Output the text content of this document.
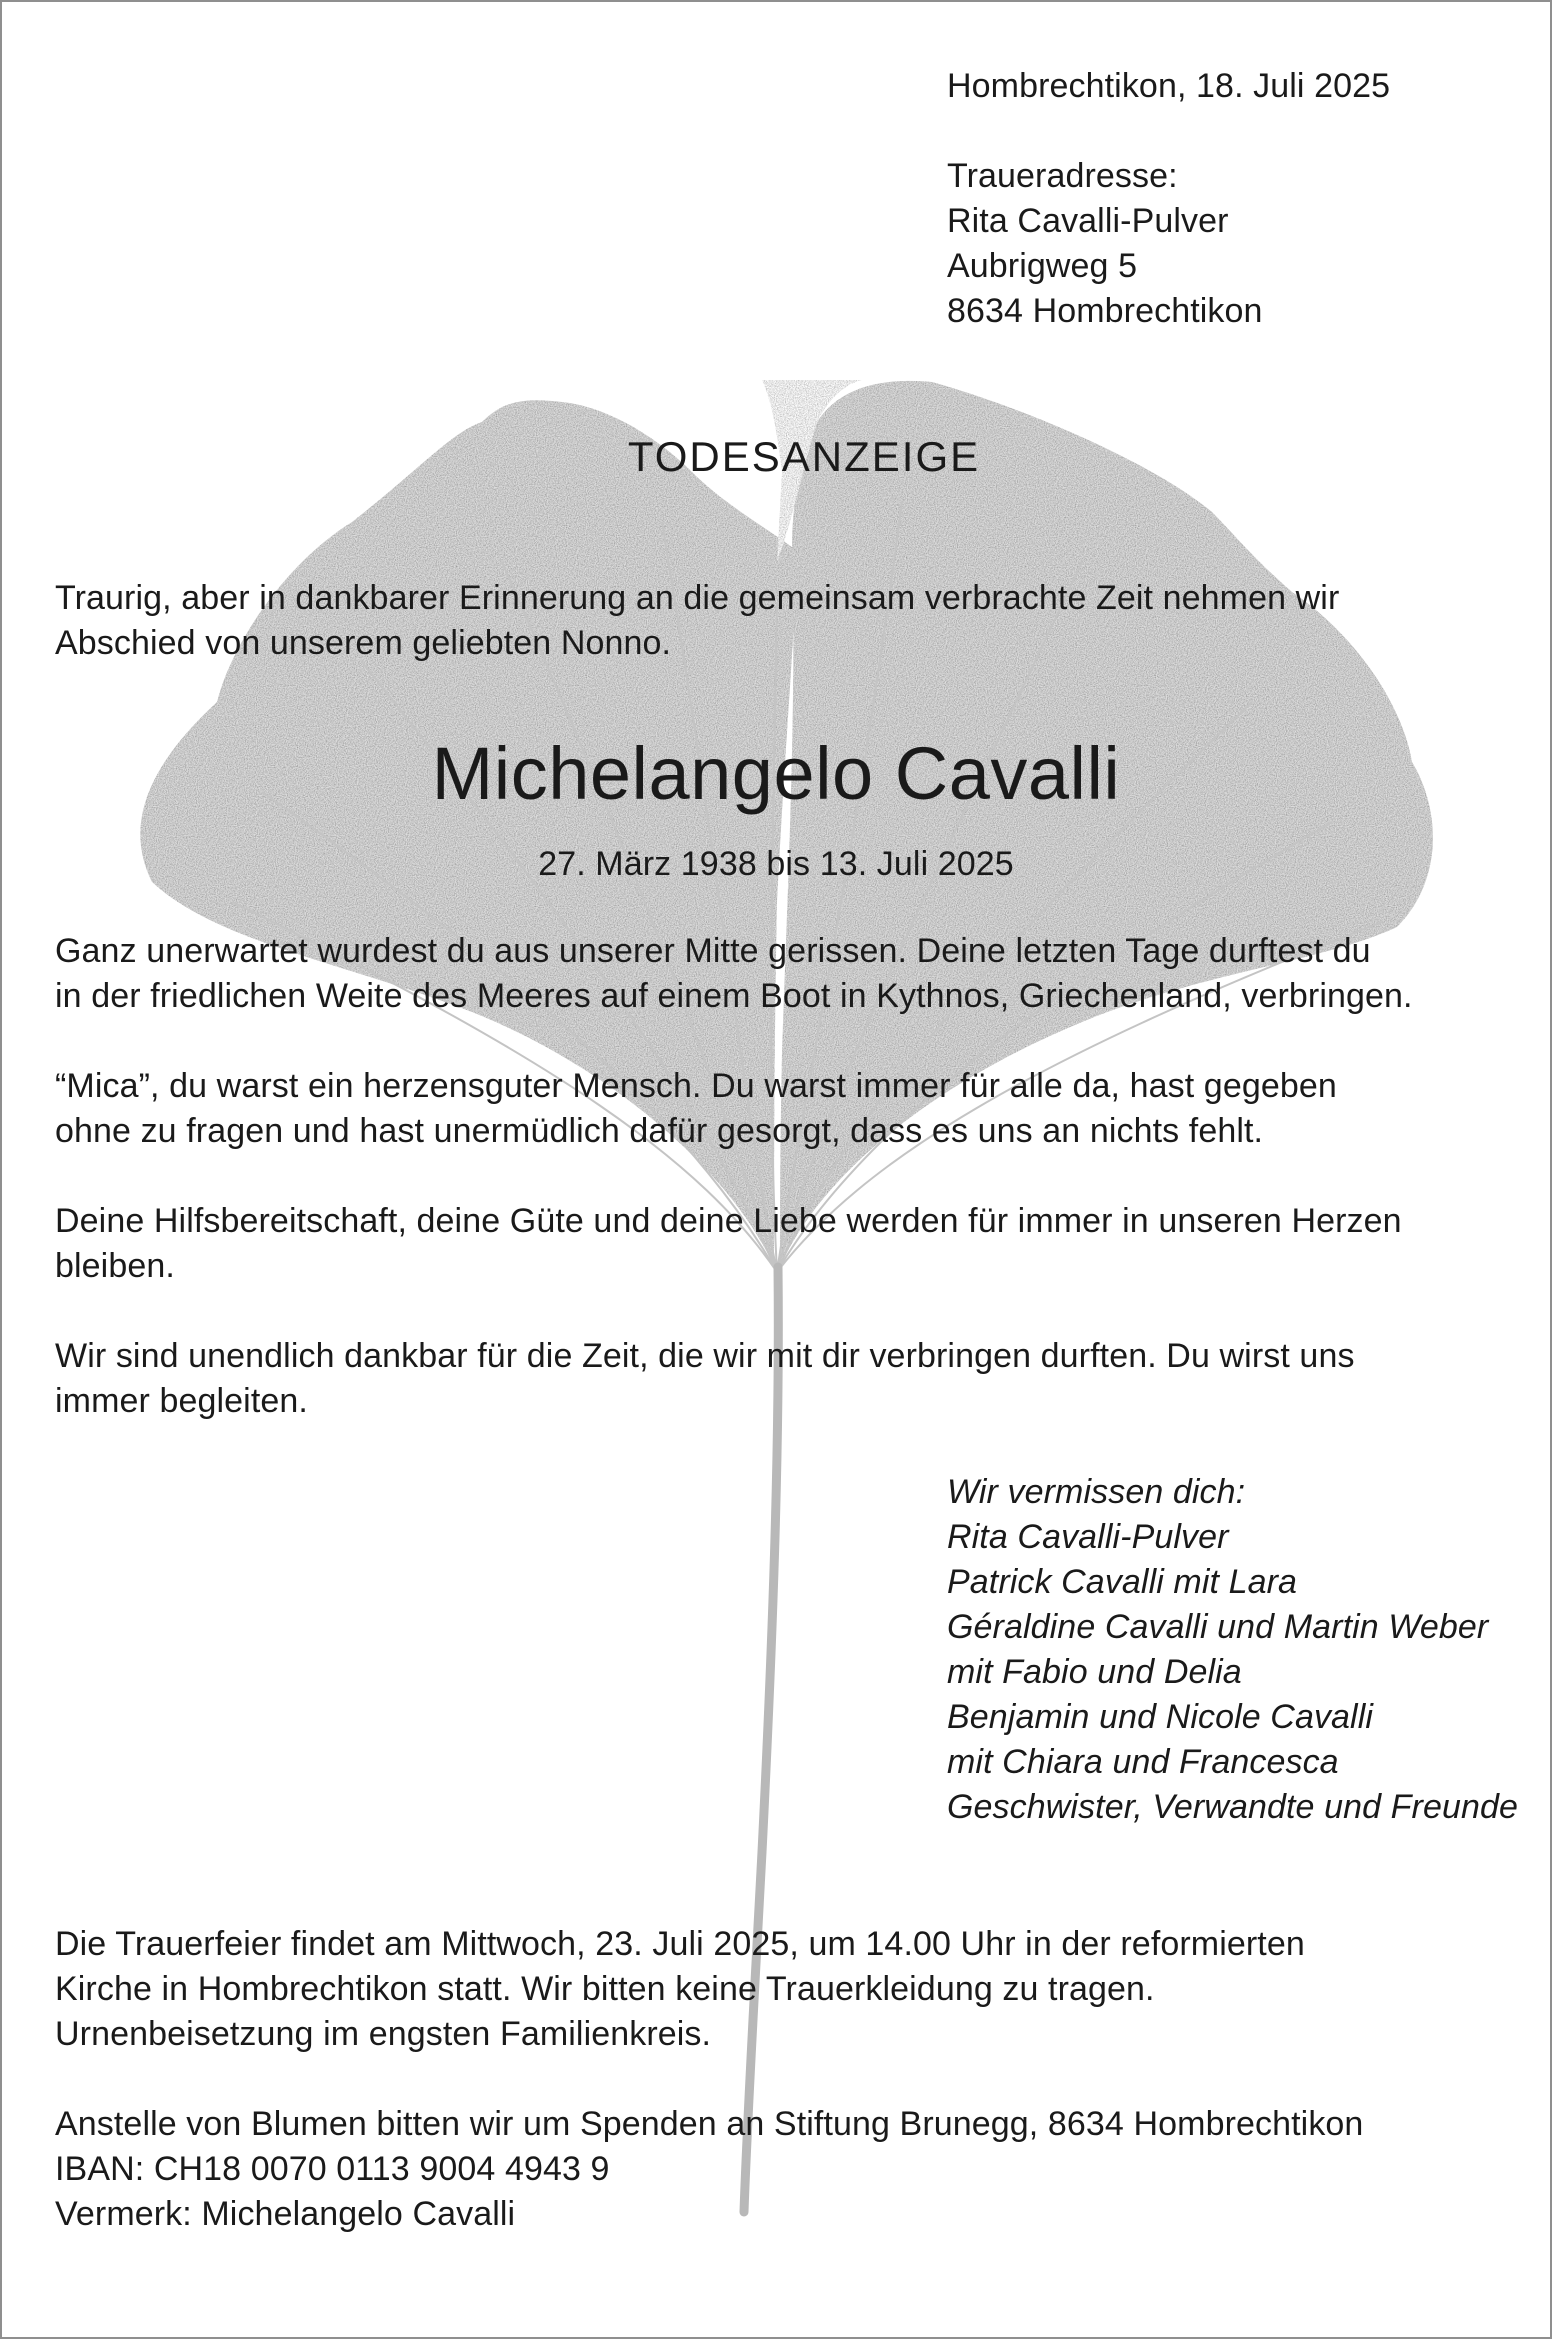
Hombrechtikon, 18. Juli 2025

Traueradresse:

Rita Cavalli-Pulver

Aubrigweg 5

8634 Hombrechtikon

TODESANZEIGE

Traurig, aber in dankbarer Erinnerung an die gemeinsam verbrachte Zeit nehmen wir

Abschied von unserem geliebten Nonno.

Michelangelo Cavalli
27. März 1938 bis 13. Juli 2025

Ganz unerwartet wurdest du aus unserer Mitte gerissen. Deine letzten Tage durftest du

in der friedlichen Weite des Meeres auf einem Boot in Kythnos, Griechenland, verbringen.

“Mica”, du warst ein herzensguter Mensch. Du warst immer für alle da, hast gegeben

ohne zu fragen und hast unermüdlich dafür gesorgt, dass es uns an nichts fehlt.

Deine Hilfsbereitschaft, deine Güte und deine Liebe werden für immer in unseren Herzen

bleiben.

Wir sind unendlich dankbar für die Zeit, die wir mit dir verbringen durften. Du wirst uns

immer begleiten.

Wir vermissen dich:

Rita Cavalli-Pulver

Patrick Cavalli mit Lara

Géraldine Cavalli und Martin Weber

mit Fabio und Delia

Benjamin und Nicole Cavalli

mit Chiara und Francesca

Geschwister, Verwandte und Freunde

Die Trauerfeier findet am Mittwoch, 23. Juli 2025, um 14.00 Uhr in der reformierten

Kirche in Hombrechtikon statt. Wir bitten keine Trauerkleidung zu tragen.

Urnenbeisetzung im engsten Familienkreis.

Anstelle von Blumen bitten wir um Spenden an Stiftung Brunegg, 8634 Hombrechtikon

IBAN: CH18 0070 0113 9004 4943 9

Vermerk: Michelangelo Cavalli
